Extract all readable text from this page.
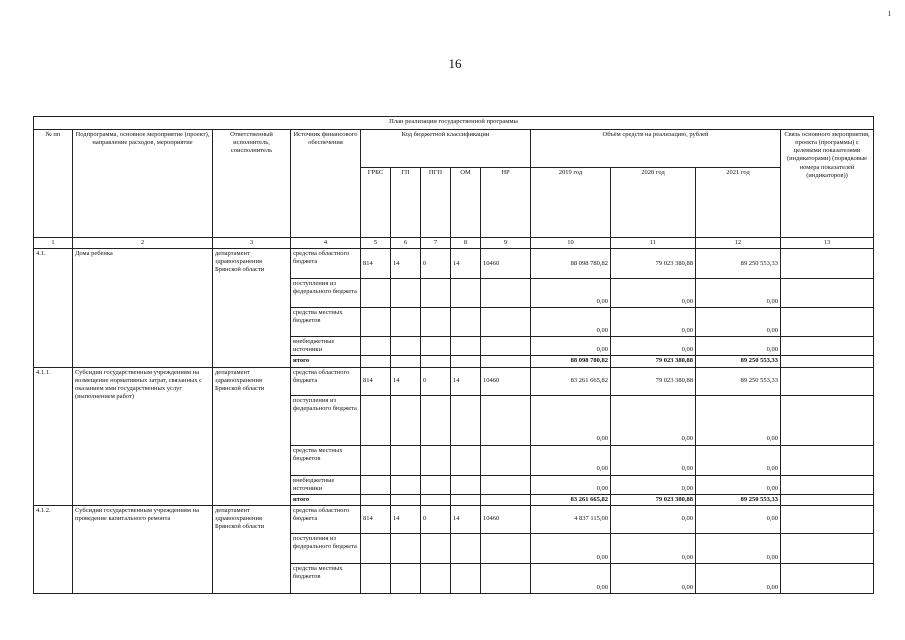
16
ı
План реализации государственной программы												
№ пп	Подпрограмма, основное мероприятие (проект), направление расходов, мероприятие	Ответственный исполнитель, соисполнитель	Источник финансового обеспечения	Код бюджетной классификации					Объём средств на реализацию, рублей			Связь основного мероприятия, проекта (программы) с целевыми показателями (индикаторами) (порядковые номера показателей (индикаторов))
				ГРБС	ГП	ПГП	ОМ	НР	2019 год	2020 год	2021 год	
1	2	3	4	5	6	7	8	9	10	11	12	13
4.1.	Дома ребенка	департамент здравоохранения Брянской области	средства областного бюджета	814	14	0	14	10460	88 098 780,82	79 023 380,88	89 250 553,33	
			поступления из федерального бюджета						0,00	0,00	0,00	
			средства местных бюджетов						0,00	0,00	0,00	
			внебюджетные источники						0,00	0,00	0,00	
			итого						88 098 780,82	79 023 380,88	89 250 553,33	
4.1.1.	Субсидии государственным учреждениям на возмещение нормативных затрат, связанных с оказанием ими государственных услуг (выполнением работ)	департамент здравоохранения Брянской области	средства областного бюджета	814	14	0	14	10460	83 261 665,82	79 023 380,88	89 250 553,33	
			поступления из федерального бюджета						0,00	0,00	0,00	
			средства местных бюджетов						0,00	0,00	0,00	
			внебюджетные источники						0,00	0,00	0,00	
			итого						83 261 665,82	79 023 380,88	89 250 553,33	
4.1.2.	Субсидии государственным учреждениям на проведение капитального ремонта	департамент здравоохранения Брянской области	средства областного бюджета	814	14	0	14	10460	4 837 115,00	0,00	0,00	
			поступления из федерального бюджета						0,00	0,00	0,00	
			средства местных бюджетов						0,00	0,00	0,00	
